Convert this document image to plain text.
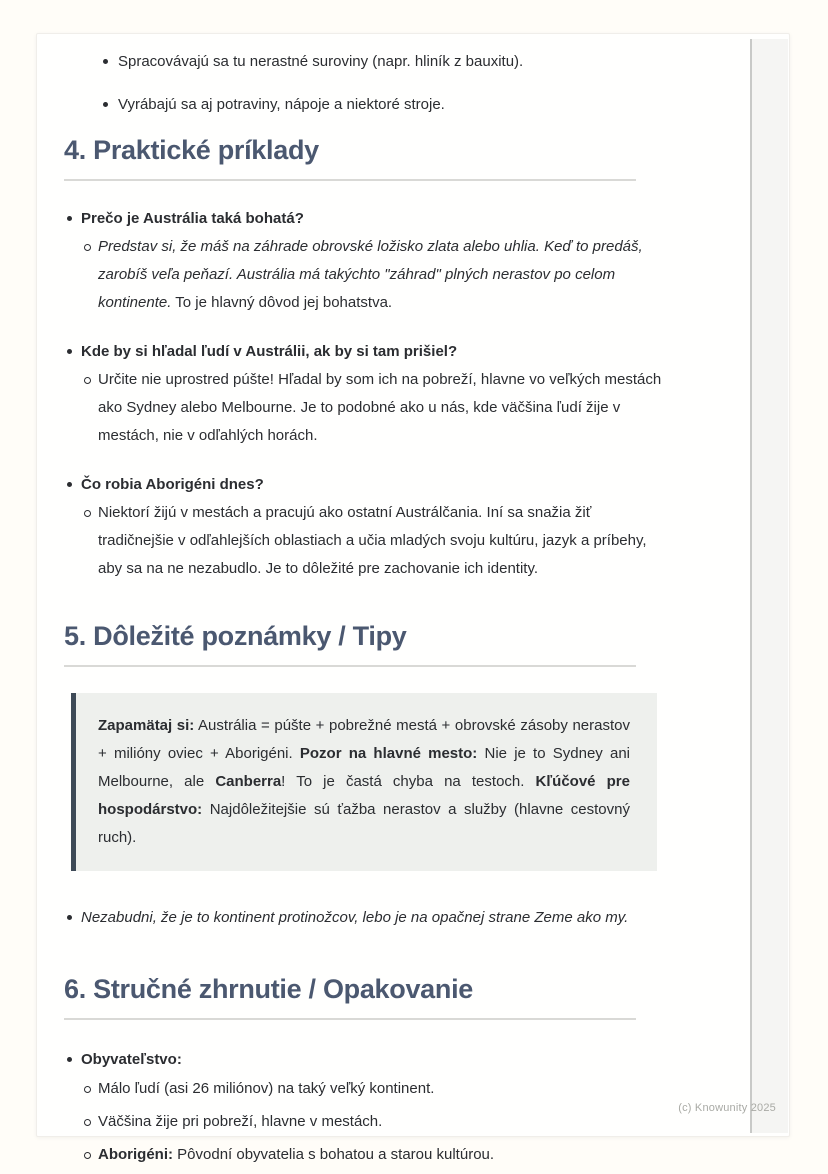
Spracovávajú sa tu nerastné suroviny (napr. hliník z bauxitu).
Vyrábajú sa aj potraviny, nápoje a niektoré stroje.
4. Praktické príklady
Prečo je Austrália taká bohatá?
Predstav si, že máš na záhrade obrovské ložisko zlata alebo uhlia. Keď to predáš, zarobíš veľa peňazí. Austrália má takýchto "záhrad" plných nerastov po celom kontinente. To je hlavný dôvod jej bohatstva.
Kde by si hľadal ľudí v Austrálii, ak by si tam prišiel?
Určite nie uprostred púšte! Hľadal by som ich na pobreží, hlavne vo veľkých mestách ako Sydney alebo Melbourne. Je to podobné ako u nás, kde väčšina ľudí žije v mestách, nie v odľahlých horách.
Čo robia Aborigéni dnes?
Niektorí žijú v mestách a pracujú ako ostatní Austrálčania. Iní sa snažia žiť tradičnejšie v odľahlejších oblastiach a učia mladých svoju kultúru, jazyk a príbehy, aby sa na ne nezabudlo. Je to dôležité pre zachovanie ich identity.
5. Dôležité poznámky / Tipy
Zapamätaj si: Austrália = púšte + pobrežné mestá + obrovské zásoby nerastov + milióny oviec + Aborigéni. Pozor na hlavné mesto: Nie je to Sydney ani Melbourne, ale Canberra! To je častá chyba na testoch. Kľúčové pre hospodárstvo: Najdôležitejšie sú ťažba nerastov a služby (hlavne cestovný ruch).
Nezabudni, že je to kontinent protinožcov, lebo je na opačnej strane Zeme ako my.
6. Stručné zhrnutie / Opakovanie
Obyvateľstvo:
Málo ľudí (asi 26 miliónov) na taký veľký kontinent.
Väčšina žije pri pobreží, hlavne v mestách.
Aborigéni: Pôvodní obyvatelia s bohatou a starou kultúrou.
(c) Knowunity 2025
